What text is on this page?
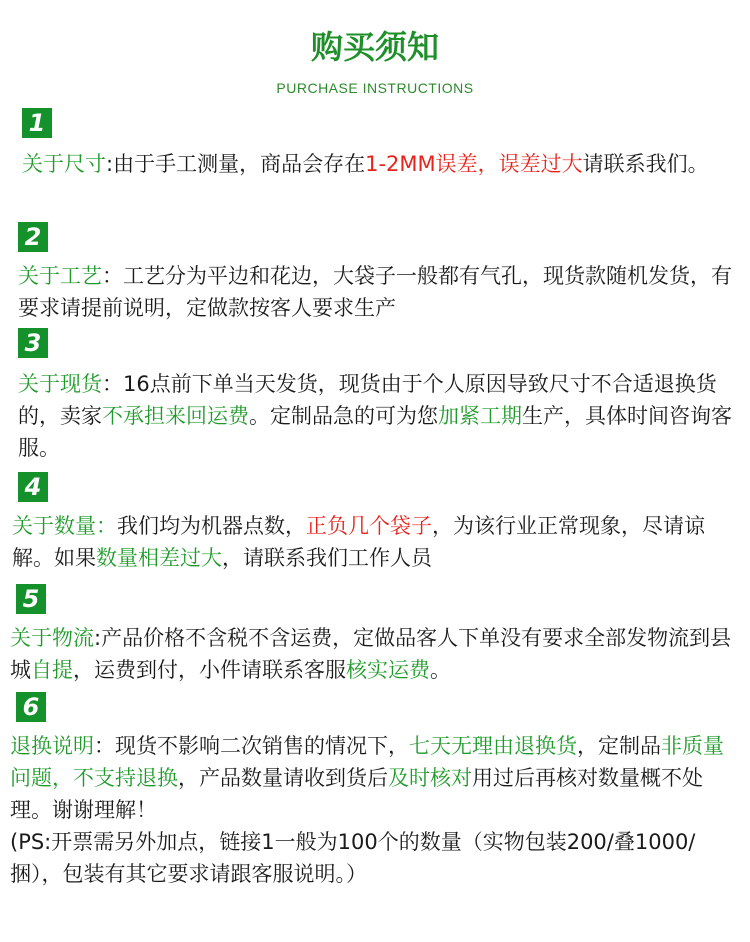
购买须知
PURCHASE INSTRUCTIONS
1
关于尺寸:由于手工测量，商品会存在1-2MM误差，误差过大请联系我们。
2
关于工艺：工艺分为平边和花边，大袋子一般都有气孔，现货款随机发货，有要求请提前说明，定做款按客人要求生产
3
关于现货：16点前下单当天发货，现货由于个人原因导致尺寸不合适退换货的，卖家不承担来回运费。定制品急的可为您加紧工期生产，具体时间咨询客服。
4
关于数量：我们均为机器点数，正负几个袋子，为该行业正常现象，尽请谅解。如果数量相差过大，请联系我们工作人员
5
关于物流:产品价格不含税不含运费，定做品客人下单没有要求全部发物流到县城自提，运费到付，小件请联系客服核实运费。
6
退换说明：现货不影响二次销售的情况下，七天无理由退换货，定制品非质量问题，不支持退换，产品数量请收到货后及时核对用过后再核对数量概不处理。谢谢理解！
(PS:开票需另外加点，链接1一般为100个的数量（实物包装200/叠1000/捆），包装有其它要求请跟客服说明。）
